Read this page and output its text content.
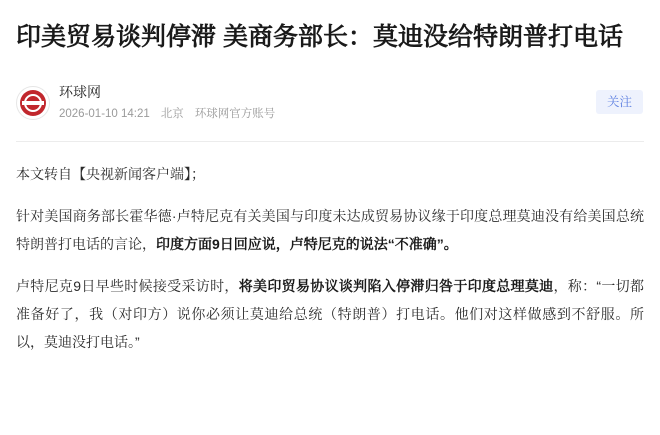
印美贸易谈判停滞 美商务部长：莫迪没给特朗普打电话
环球网
2026-01-10 14:21 北京 环球网官方账号
关注

本文转自【央视新闻客户端】；

针对美国商务部长霍华德·卢特尼克有关美国与印度未达成贸易协议缘于印度总理莫迪没有给美国总统特朗普打电话的言论，印度方面9日回应说，卢特尼克的说法“不准确”。

卢特尼克9日早些时候接受采访时，将美印贸易协议谈判陷入停滞归咎于印度总理莫迪，称：“一切都准备好了，我（对印方）说你必须让莫迪给总统（特朗普）打电话。他们对这样做感到不舒服。所以，莫迪没打电话。”
